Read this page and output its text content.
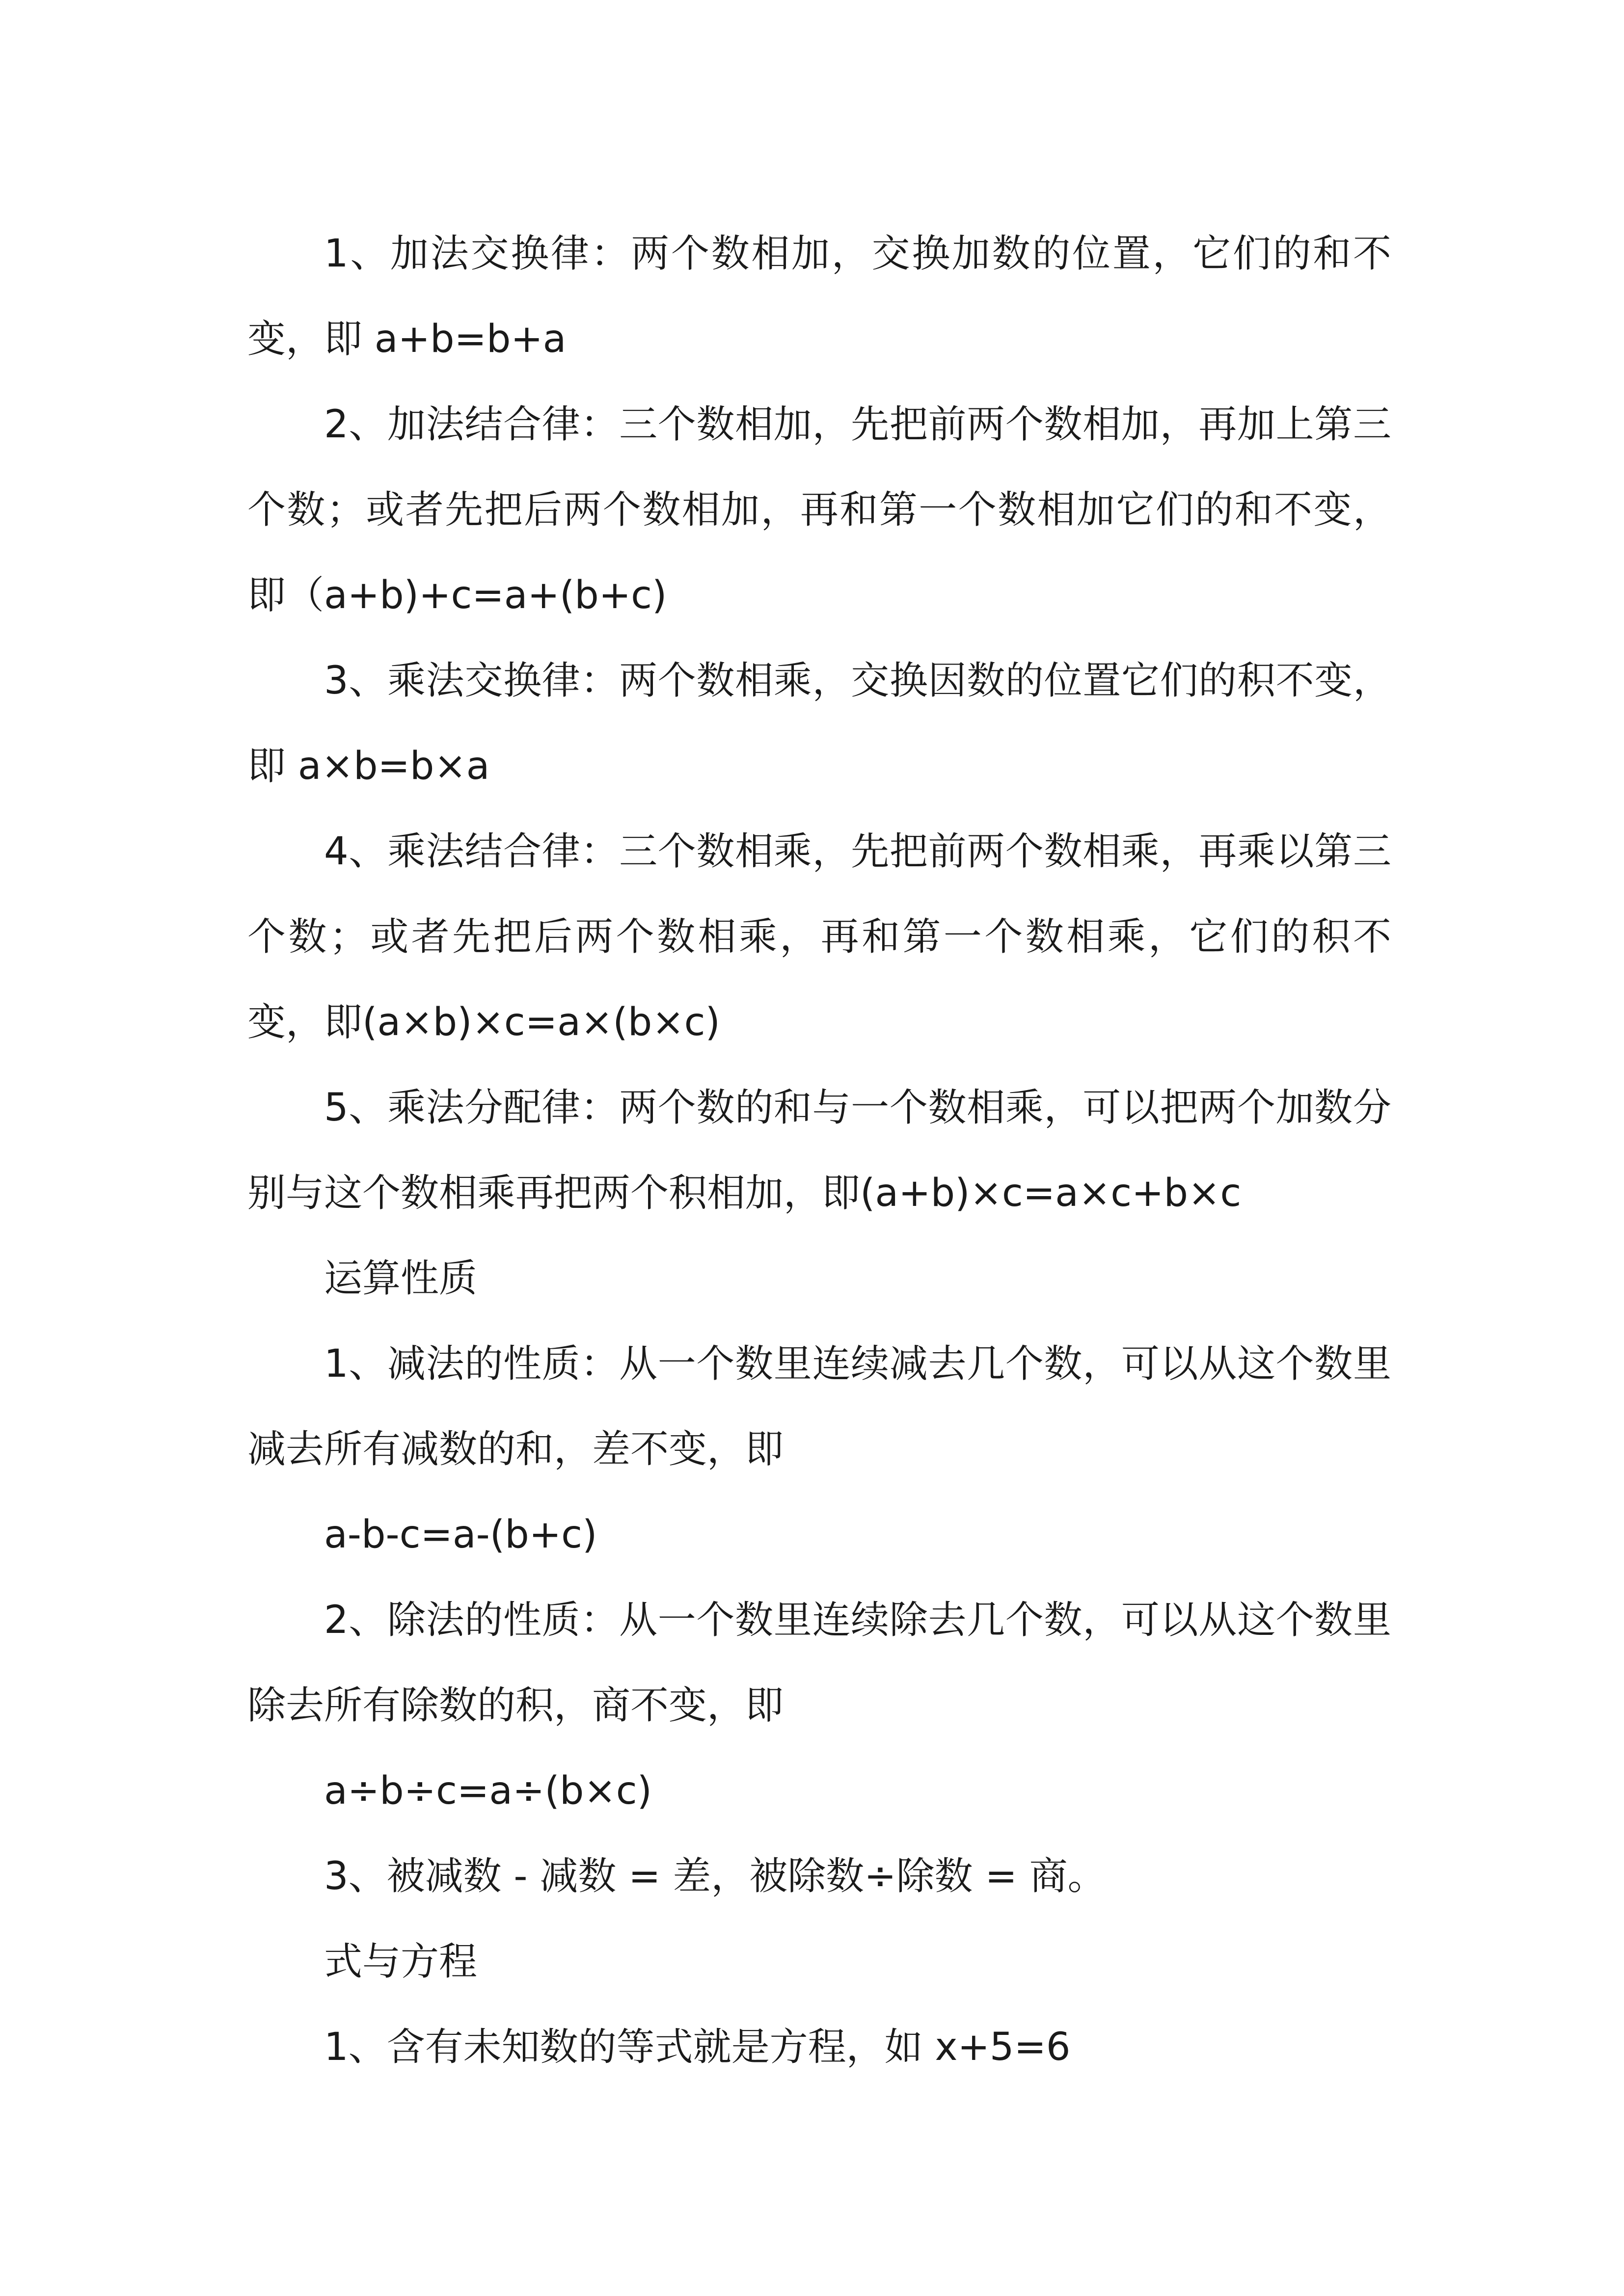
1、加法交换律：两个数相加，交换加数的位置，它们的和不变，即 a+b=b+a

2、加法结合律：三个数相加，先把前两个数相加，再加上第三个数；或者先把后两个数相加，再和第一个数相加它们的和不变，即（a+b)+c=a+(b+c)

3、乘法交换律：两个数相乘，交换因数的位置它们的积不变，即 a×b=b×a

4、乘法结合律：三个数相乘，先把前两个数相乘，再乘以第三个数；或者先把后两个数相乘，再和第一个数相乘，它们的积不变，即(a×b)×c=a×(b×c)

5、乘法分配律：两个数的和与一个数相乘，可以把两个加数分别与这个数相乘再把两个积相加，即(a+b)×c=a×c+b×c

运算性质

1、减法的性质：从一个数里连续减去几个数，可以从这个数里减去所有减数的和，差不变，即

a-b-c=a-(b+c)

2、除法的性质：从一个数里连续除去几个数，可以从这个数里除去所有除数的积，商不变，即

a÷b÷c=a÷(b×c)

3、被减数 - 减数 = 差，被除数÷除数 = 商。

式与方程

1、含有未知数的等式就是方程，如 x+5=6
